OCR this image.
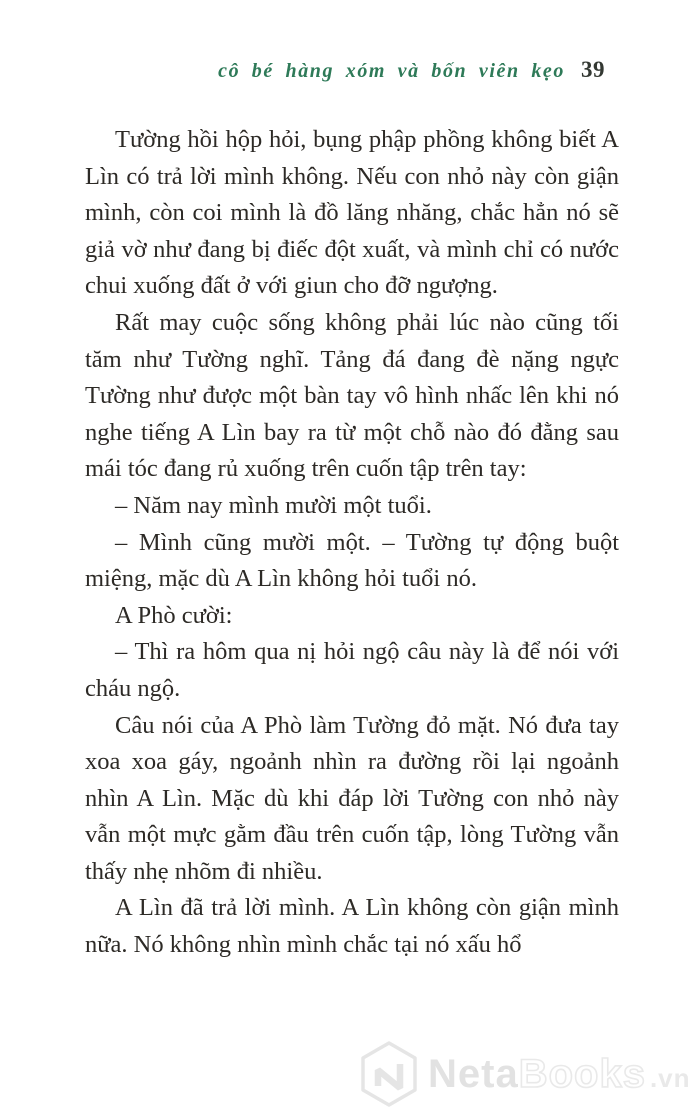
cô bé hàng xóm và bốn viên kẹo 39

Tường hồi hộp hỏi, bụng phập phồng không biết A Lìn có trả lời mình không. Nếu con nhỏ này còn giận mình, còn coi mình là đồ lăng nhăng, chắc hẳn nó sẽ giả vờ như đang bị điếc đột xuất, và mình chỉ có nước chui xuống đất ở với giun cho đỡ ngượng.

Rất may cuộc sống không phải lúc nào cũng tối tăm như Tường nghĩ. Tảng đá đang đè nặng ngực Tường như được một bàn tay vô hình nhấc lên khi nó nghe tiếng A Lìn bay ra từ một chỗ nào đó đằng sau mái tóc đang rủ xuống trên cuốn tập trên tay:

– Năm nay mình mười một tuổi.

– Mình cũng mười một. – Tường tự động buột miệng, mặc dù A Lìn không hỏi tuổi nó.

A Phò cười:

– Thì ra hôm qua nị hỏi ngộ câu này là để nói với cháu ngộ.

Câu nói của A Phò làm Tường đỏ mặt. Nó đưa tay xoa xoa gáy, ngoảnh nhìn ra đường rồi lại ngoảnh nhìn A Lìn. Mặc dù khi đáp lời Tường con nhỏ này vẫn một mực gằm đầu trên cuốn tập, lòng Tường vẫn thấy nhẹ nhõm đi nhiều.

A Lìn đã trả lời mình. A Lìn không còn giận mình nữa. Nó không nhìn mình chắc tại nó xấu hổ

Neta Books .vn
